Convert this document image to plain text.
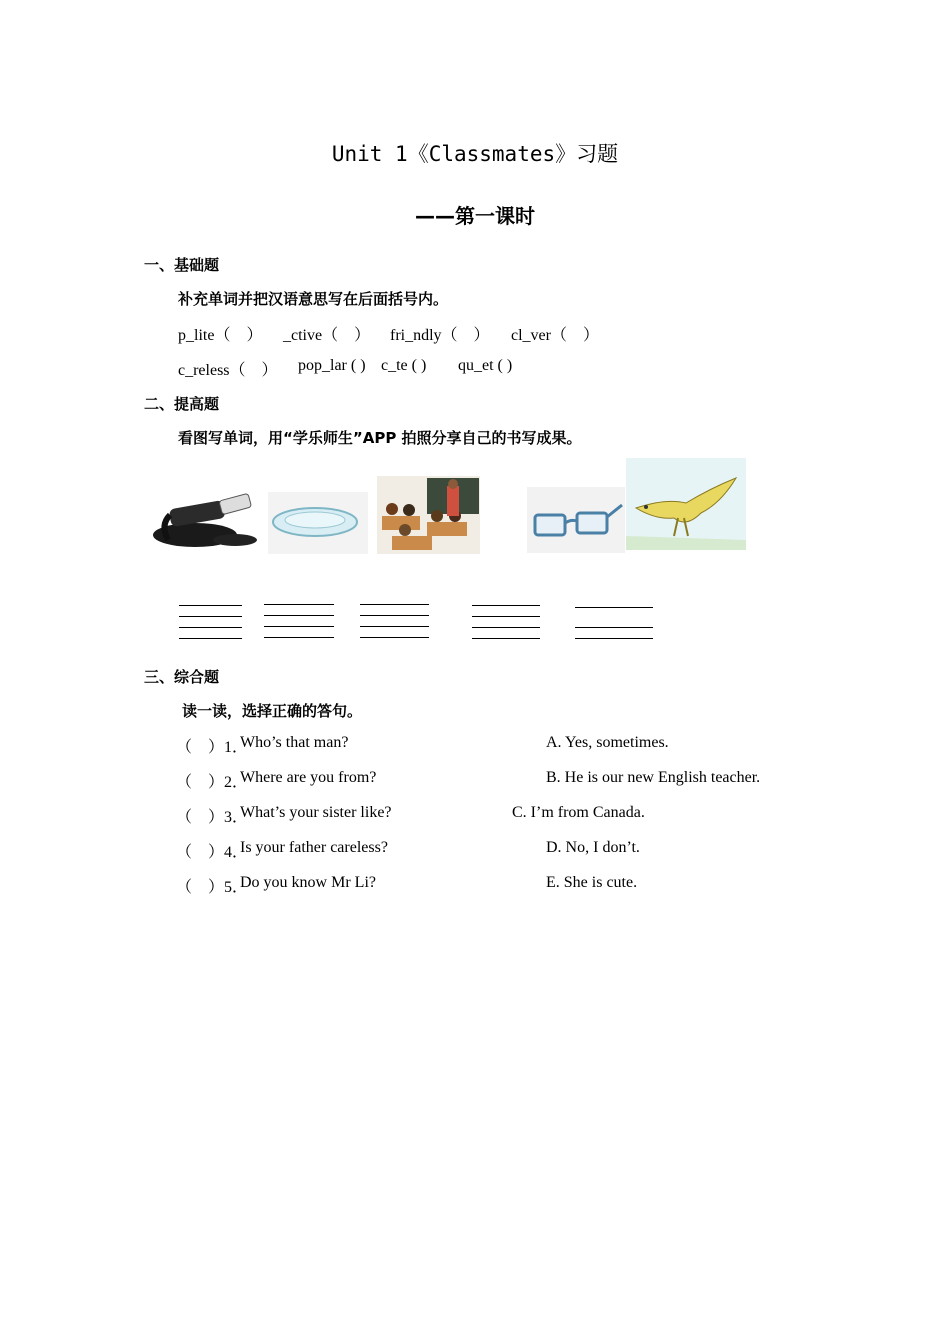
Unit 1《Classmates》习题
——第一课时
一、基础题
补充单词并把汉语意思写在后面括号内。
p_lite（　） _ctive（　） fri_ndly（　） cl_ver（　）
c_reless（　） pop_lar ( ) c_te ( ) qu_et ( )
二、提高题
看图写单词，用“学乐师生”APP 拍照分享自己的书写成果。
三、综合题
读一读，选择正确的答句。
（　）1．
Who’s that man?	A. Yes, sometimes.
（　）2．
Where are you from?	B. He is our new English teacher.
（　）3．
What’s your sister like?	C. I’m from Canada.
（　）4．
Is your father careless?	D. No, I don’t.
（　）5．
Do you know Mr Li?	E. She is cute.
